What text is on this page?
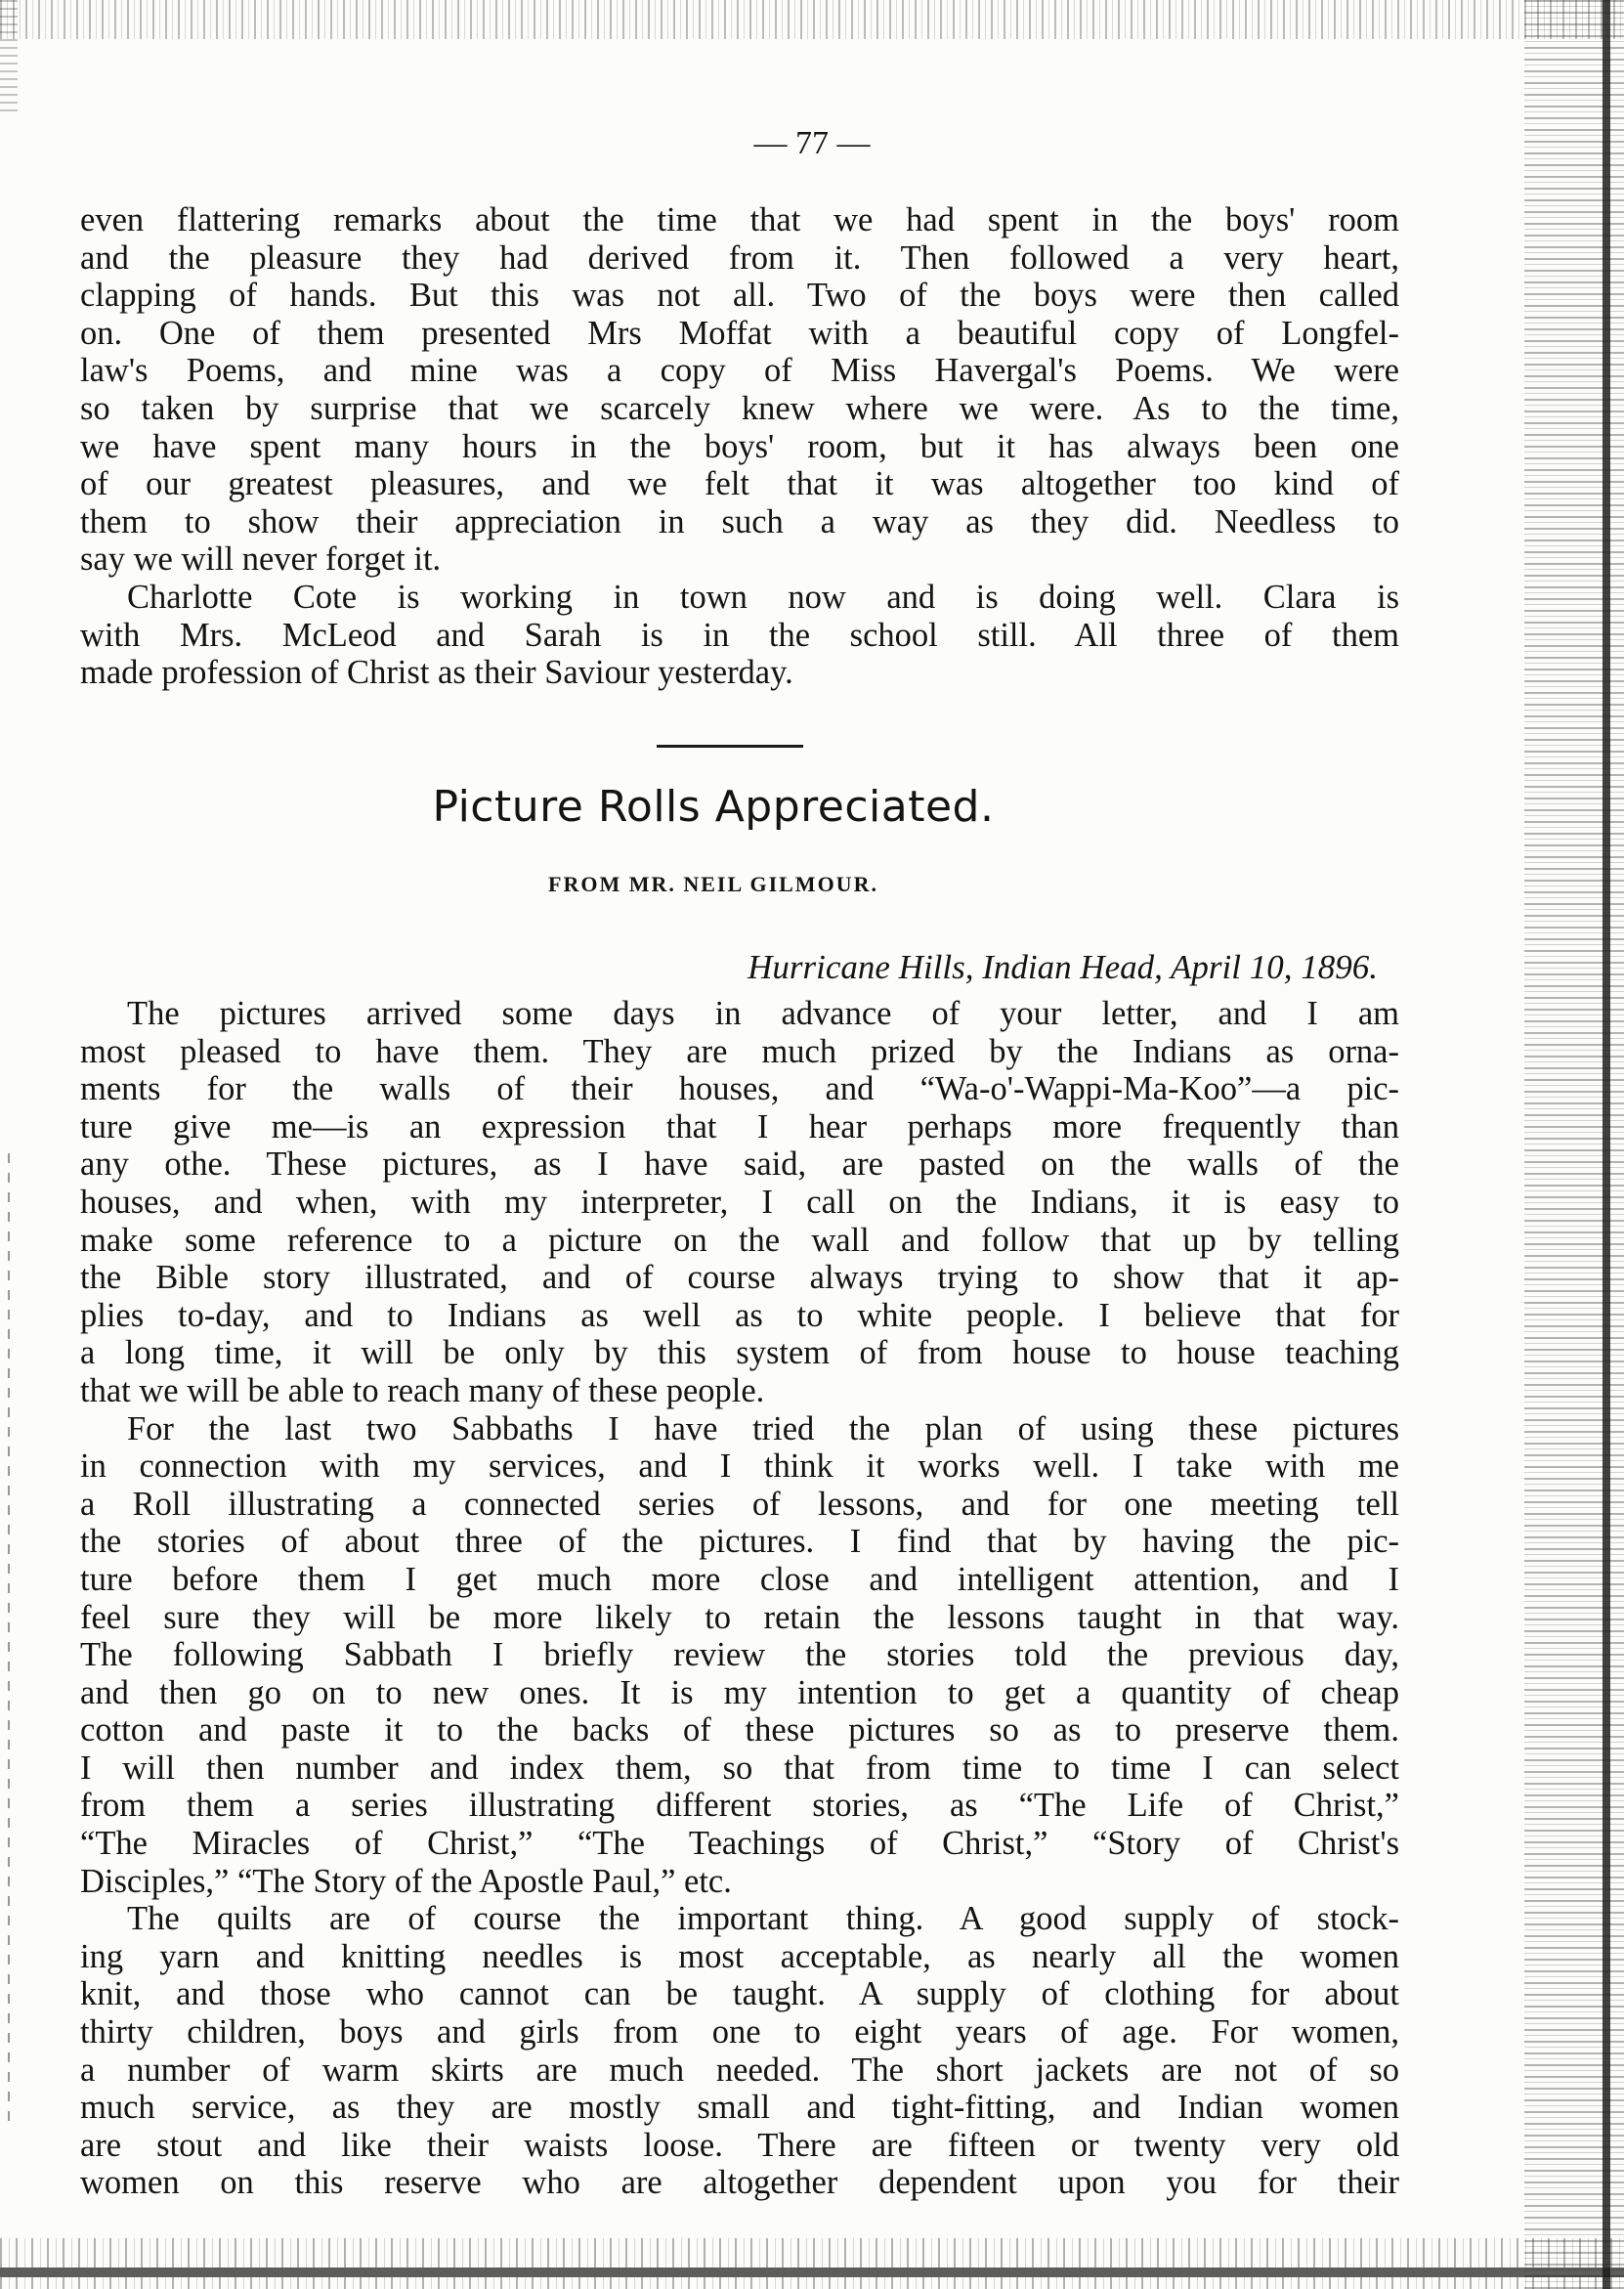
— 77 —

even flattering remarks about the time that we had spent in the boys' room
and the pleasure they had derived from it. Then followed a very heart,
clapping of hands. But this was not all. Two of the boys were then called
on. One of them presented Mrs Moffat with a beautiful copy of Longfel-
law's Poems, and mine was a copy of Miss Havergal's Poems. We were
so taken by surprise that we scarcely knew where we were. As to the time,
we have spent many hours in the boys' room, but it has always been one
of our greatest pleasures, and we felt that it was altogether too kind of
them to show their appreciation in such a way as they did. Needless to
say we will never forget it.

Charlotte Cote is working in town now and is doing well. Clara is
with Mrs. McLeod and Sarah is in the school still. All three of them
made profession of Christ as their Saviour yesterday.

Picture Rolls Appreciated.
FROM MR. NEIL GILMOUR.
Hurricane Hills, Indian Head, April 10, 1896.

The pictures arrived some days in advance of your letter, and I am
most pleased to have them. They are much prized by the Indians as orna-
ments for the walls of their houses, and “Wa-o'-Wappi-Ma-Koo”—a pic-
ture give me—is an expression that I hear perhaps more frequently than
any othe. These pictures, as I have said, are pasted on the walls of the
houses, and when, with my interpreter, I call on the Indians, it is easy to
make some reference to a picture on the wall and follow that up by telling
the Bible story illustrated, and of course always trying to show that it ap-
plies to-day, and to Indians as well as to white people. I believe that for
a long time, it will be only by this system of from house to house teaching
that we will be able to reach many of these people.

For the last two Sabbaths I have tried the plan of using these pictures
in connection with my services, and I think it works well. I take with me
a Roll illustrating a connected series of lessons, and for one meeting tell
the stories of about three of the pictures. I find that by having the pic-
ture before them I get much more close and intelligent attention, and I
feel sure they will be more likely to retain the lessons taught in that way.
The following Sabbath I briefly review the stories told the previous day,
and then go on to new ones. It is my intention to get a quantity of cheap
cotton and paste it to the backs of these pictures so as to preserve them.
I will then number and index them, so that from time to time I can select
from them a series illustrating different stories, as “The Life of Christ,”
“The Miracles of Christ,” “The Teachings of Christ,” “Story of Christ's
Disciples,” “The Story of the Apostle Paul,” etc.

The quilts are of course the important thing. A good supply of stock-
ing yarn and knitting needles is most acceptable, as nearly all the women
knit, and those who cannot can be taught. A supply of clothing for about
thirty children, boys and girls from one to eight years of age. For women,
a number of warm skirts are much needed. The short jackets are not of so
much service, as they are mostly small and tight-fitting, and Indian women
are stout and like their waists loose. There are fifteen or twenty very old
women on this reserve who are altogether dependent upon you for their
